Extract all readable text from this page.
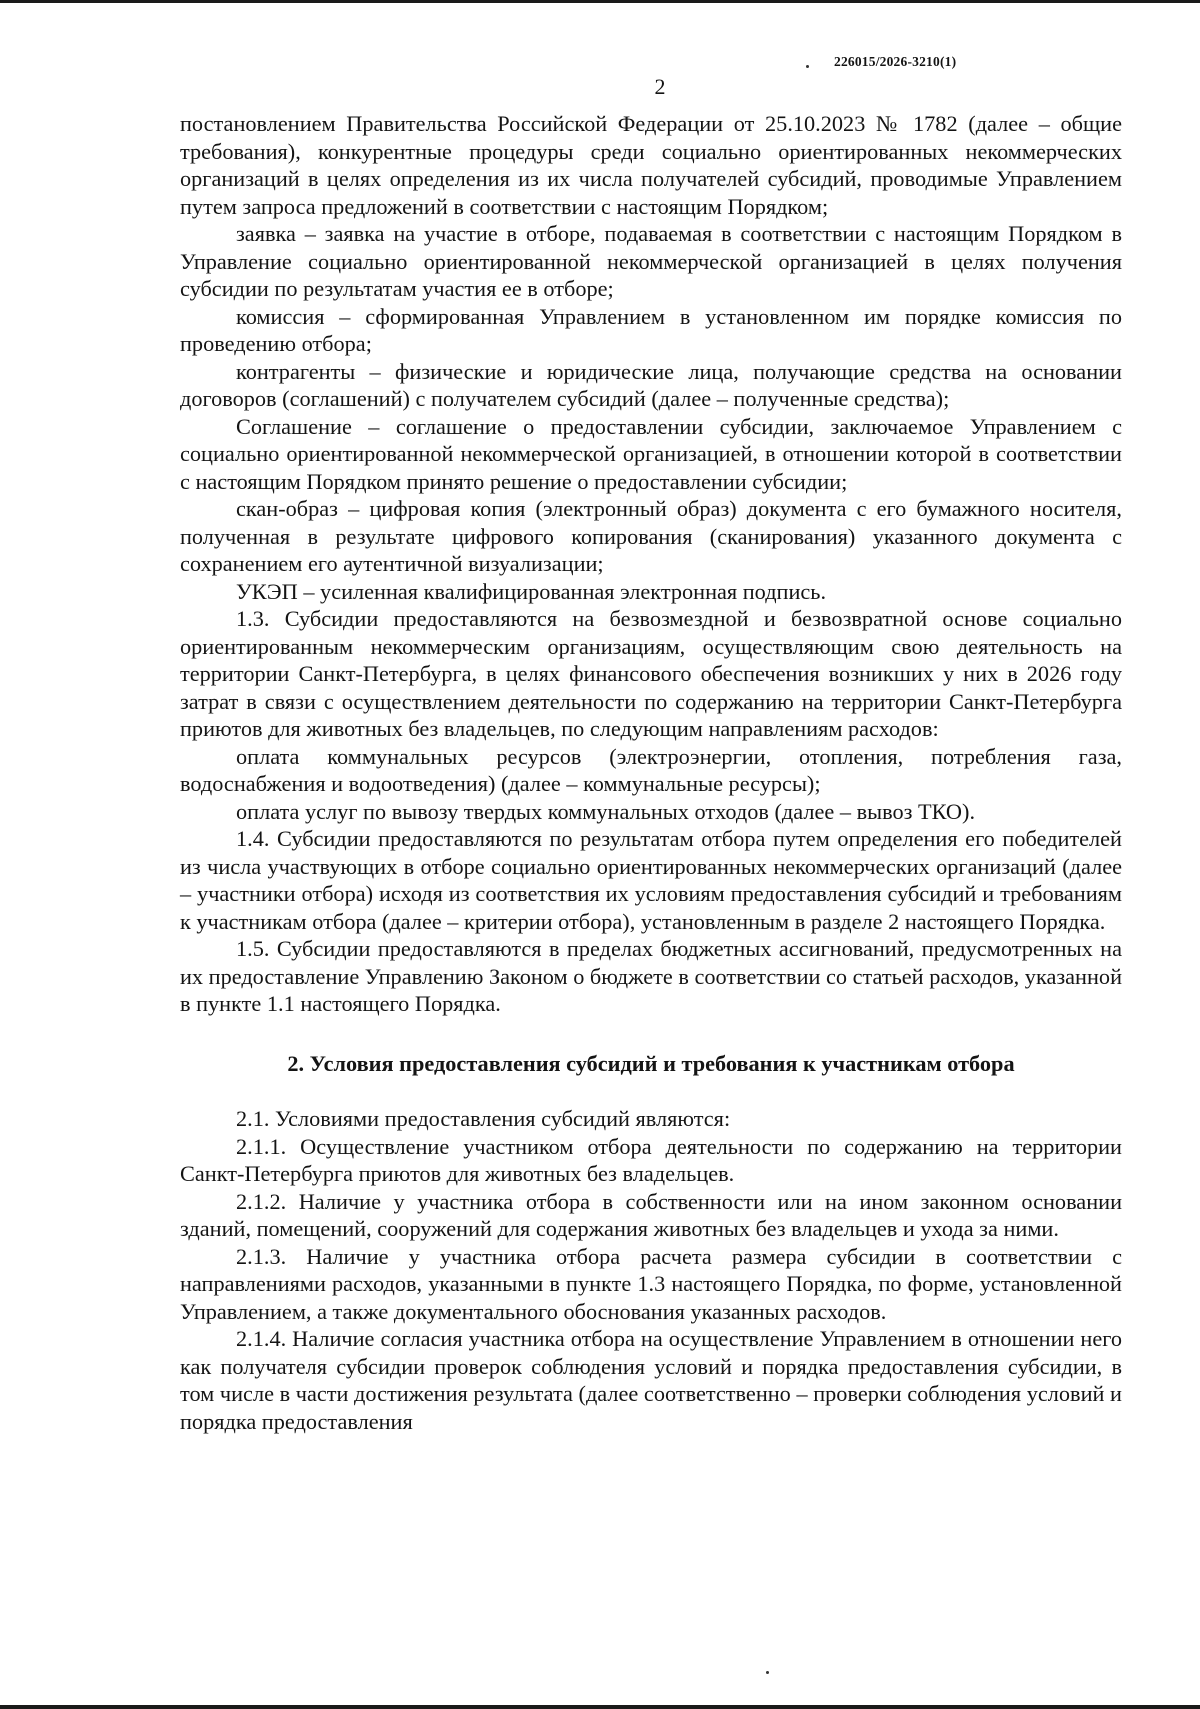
226015/2026-3210(1)
2

постановлением Правительства Российской Федерации от 25.10.2023 № 1782 (далее – общие требования), конкурентные процедуры среди социально ориентированных некоммерческих организаций в целях определения из их числа получателей субсидий, проводимые Управлением путем запроса предложений в соответствии с настоящим Порядком;

заявка – заявка на участие в отборе, подаваемая в соответствии с настоящим Порядком в Управление социально ориентированной некоммерческой организацией в целях получения субсидии по результатам участия ее в отборе;

комиссия – сформированная Управлением в установленном им порядке комиссия по проведению отбора;

контрагенты – физические и юридические лица, получающие средства на основании договоров (соглашений) с получателем субсидий (далее – полученные средства);

Соглашение – соглашение о предоставлении субсидии, заключаемое Управлением с социально ориентированной некоммерческой организацией, в отношении которой в соответствии с настоящим Порядком принято решение о предоставлении субсидии;

скан-образ – цифровая копия (электронный образ) документа с его бумажного носителя, полученная в результате цифрового копирования (сканирования) указанного документа с сохранением его аутентичной визуализации;

УКЭП – усиленная квалифицированная электронная подпись.

1.3. Субсидии предоставляются на безвозмездной и безвозвратной основе социально ориентированным некоммерческим организациям, осуществляющим свою деятельность на территории Санкт-Петербурга, в целях финансового обеспечения возникших у них в 2026 году затрат в связи с осуществлением деятельности по содержанию на территории Санкт-Петербурга приютов для животных без владельцев, по следующим направлениям расходов:

оплата коммунальных ресурсов (электроэнергии, отопления, потребления газа, водоснабжения и водоотведения) (далее – коммунальные ресурсы);

оплата услуг по вывозу твердых коммунальных отходов (далее – вывоз ТКО).

1.4. Субсидии предоставляются по результатам отбора путем определения его победителей из числа участвующих в отборе социально ориентированных некоммерческих организаций (далее – участники отбора) исходя из соответствия их условиям предоставления субсидий и требованиям к участникам отбора (далее – критерии отбора), установленным в разделе 2 настоящего Порядка.

1.5. Субсидии предоставляются в пределах бюджетных ассигнований, предусмотренных на их предоставление Управлению Законом о бюджете в соответствии со статьей расходов, указанной в пункте 1.1 настоящего Порядка.

2. Условия предоставления субсидий и требования к участникам отбора

2.1. Условиями предоставления субсидий являются:

2.1.1. Осуществление участником отбора деятельности по содержанию на территории Санкт-Петербурга приютов для животных без владельцев.

2.1.2. Наличие у участника отбора в собственности или на ином законном основании зданий, помещений, сооружений для содержания животных без владельцев и ухода за ними.

2.1.3. Наличие у участника отбора расчета размера субсидии в соответствии с направлениями расходов, указанными в пункте 1.3 настоящего Порядка, по форме, установленной Управлением, а также документального обоснования указанных расходов.

2.1.4. Наличие согласия участника отбора на осуществление Управлением в отношении него как получателя субсидии проверок соблюдения условий и порядка предоставления субсидии, в том числе в части достижения результата (далее соответственно – проверки соблюдения условий и порядка предоставления
